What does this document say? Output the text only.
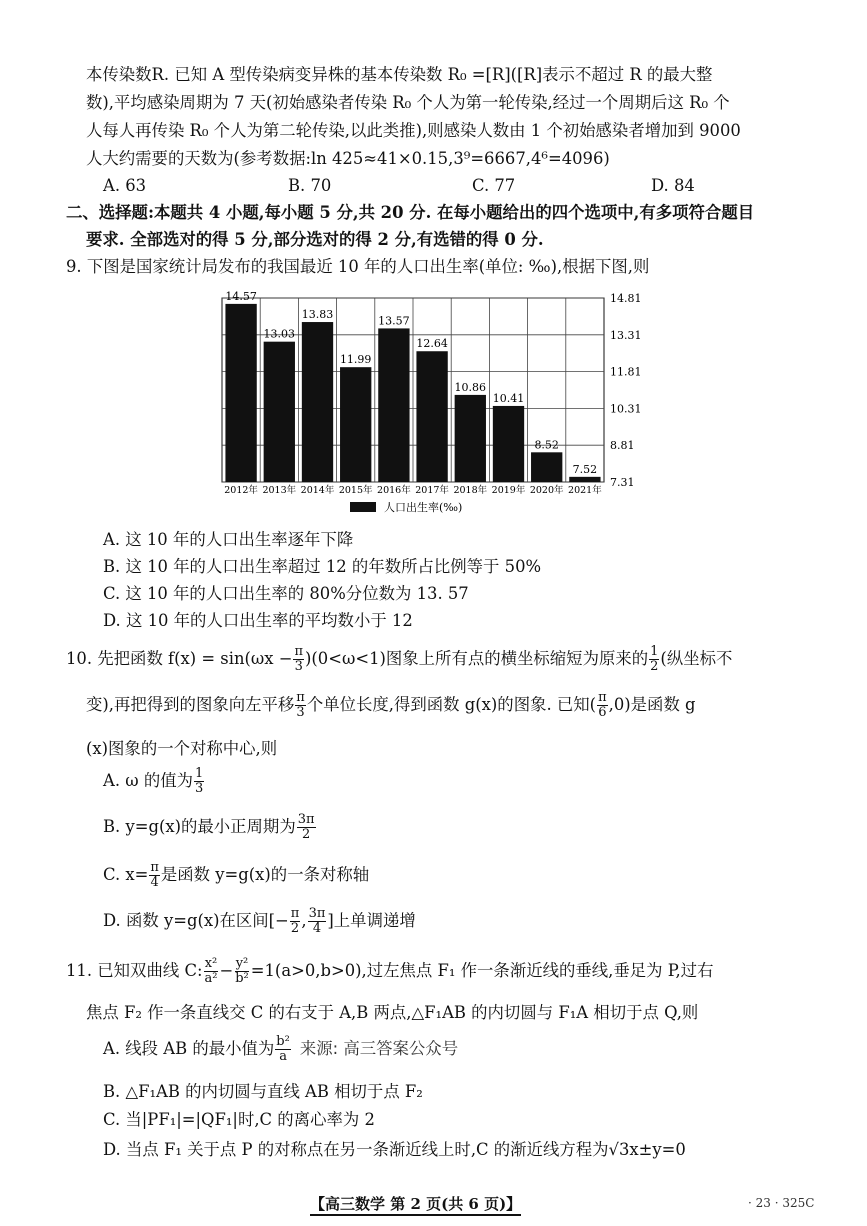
本传染数R. 已知 A 型传染病变异株的基本传染数 R₀ =[R]([R]表示不超过 R 的最大整
数),平均感染周期为 7 天(初始感染者传染 R₀ 个人为第一轮传染,经过一个周期后这 R₀ 个
人每人再传染 R₀ 个人为第二轮传染,以此类推),则感染人数由 1 个初始感染者增加到 9000
人大约需要的天数为(参考数据:ln 425≈41×0.15,3⁹=6667,4⁶=4096)
A. 63	B. 70	C. 77	D. 84
二、选择题:本题共 4 小题,每小题 5 分,共 20 分. 在每小题给出的四个选项中,有多项符合题目
要求. 全部选对的得 5 分,部分选对的得 2 分,有选错的得 0 分.
9. 下图是国家统计局发布的我国最近 10 年的人口出生率(单位: ‰),根据下图,则
14.57
13.03
13.83
11.99
13.57
12.64
10.86
10.41
8.52
7.52
2012年 2013年 2014年 2015年 2016年 2017年 2018年 2019年 2020年 2021年
14.81
13.31
11.81
10.31
8.81
7.31
人口出生率(‰)
A. 这 10 年的人口出生率逐年下降
B. 这 10 年的人口出生率超过 12 的年数所占比例等于 50%
C. 这 10 年的人口出生率的 80%分位数为 13. 57
D. 这 10 年的人口出生率的平均数小于 12
10. 先把函数 $f(x) = \sin(\omega x - \frac{\pi}{3} )(0<\omega<1)$图象上所有点的横坐标缩短为原来的 $\frac{1}{2}$ (纵坐标不
变),再把得到的图象向左平移 $\frac{\pi}{3}$ 个单位长度,得到函数 g(x)的图象. 已知( $\frac{\pi}{6} ,0$)是函数 g
(x)图象的一个对称中心,则
A. ω 的值为 $\frac{1}{3}$
B. y=g(x)的最小正周期为 $\frac{3\pi}{2}$
C. $x= \frac{\pi}{4}$ 是函数 y=g(x)的一条对称轴
D. 函数 y=g(x)在区间[− $\frac{\pi}{2}$ , $\frac{3\pi}{4}$ ]上单调递增
11. 已知双曲线 C: $\frac{\text{x²}}{\text{a²}} - \frac{\text{y²}}{\text{b²}} =1(a>0,b>0)$,过左焦点 F₁ 作一条渐近线的垂线,垂足为 P,过右
焦点 F₂ 作一条直线交 C 的右支于 A,B 两点,△F₁AB 的内切圆与 F₁A 相切于点 Q,则
A. 线段 AB 的最小值为 $\frac{\text{b²}}{a}$ 来源: 高三答案公众号
B. △F₁AB 的内切圆与直线 AB 相切于点 F₂
C. 当|PF₁|=|QF₁|时,C 的离心率为 2
D. 当点 F₁ 关于点 P 的对称点在另一条渐近线上时,C 的渐近线方程为√3x±y=0
【高三数学 第 2 页(共 6 页)】	· 23 · 325C
